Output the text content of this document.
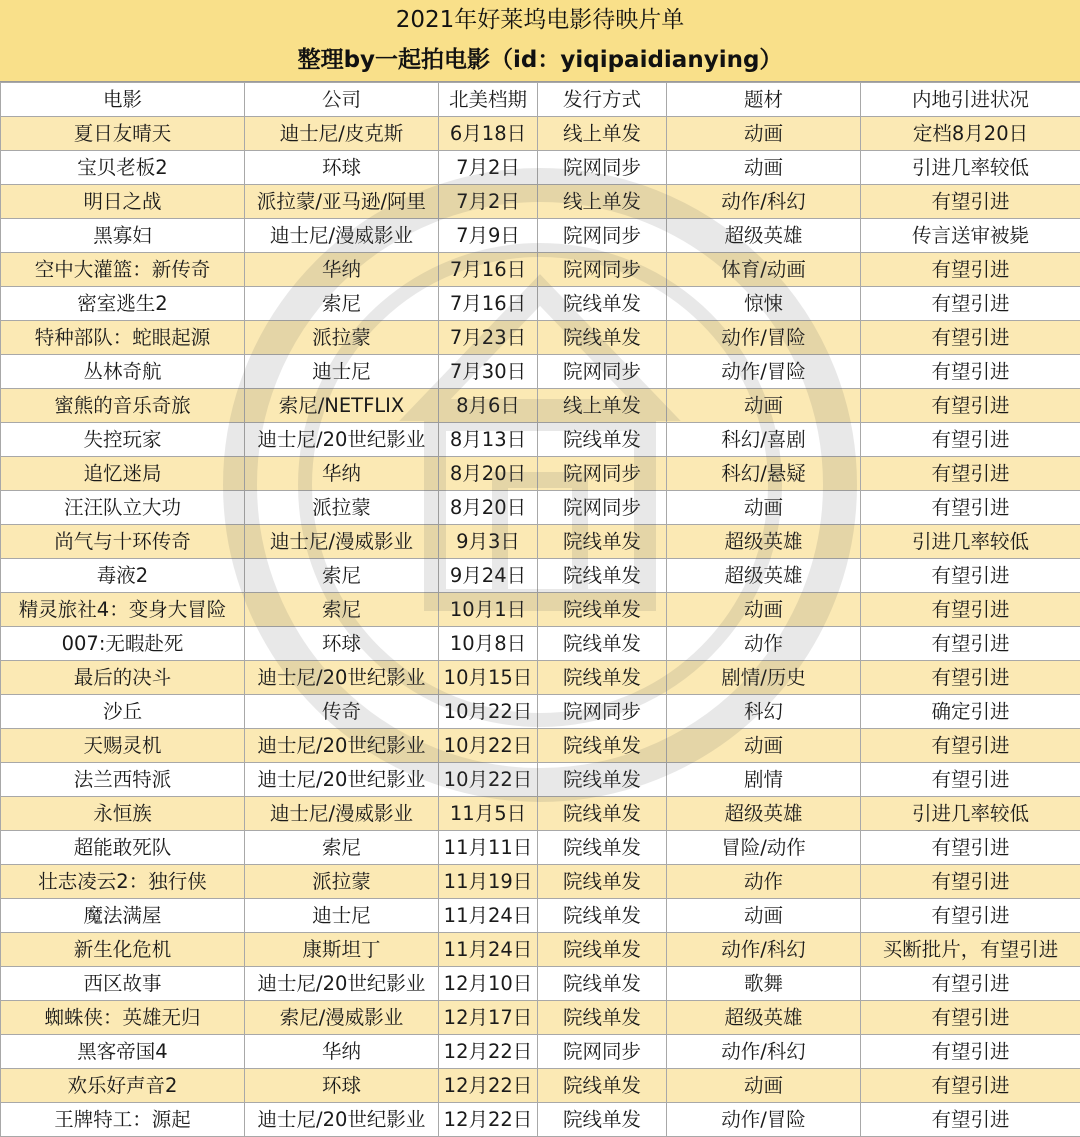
2021年好莱坞电影待映片单
整理by一起拍电影（id：yiqipaidianying）
电影	公司	北美档期	发行方式	题材	内地引进状况
夏日友晴天	迪士尼/皮克斯	6月18日	线上单发	动画	定档8月20日
宝贝老板2	环球	7月2日	院网同步	动画	引进几率较低
明日之战	派拉蒙/亚马逊/阿里	7月2日	线上单发	动作/科幻	有望引进
黑寡妇	迪士尼/漫威影业	7月9日	院网同步	超级英雄	传言送审被毙
空中大灌篮：新传奇	华纳	7月16日	院网同步	体育/动画	有望引进
密室逃生2	索尼	7月16日	院线单发	惊悚	有望引进
特种部队：蛇眼起源	派拉蒙	7月23日	院线单发	动作/冒险	有望引进
丛林奇航	迪士尼	7月30日	院网同步	动作/冒险	有望引进
蜜熊的音乐奇旅	索尼/NETFLIX	8月6日	线上单发	动画	有望引进
失控玩家	迪士尼/20世纪影业	8月13日	院线单发	科幻/喜剧	有望引进
追忆迷局	华纳	8月20日	院网同步	科幻/悬疑	有望引进
汪汪队立大功	派拉蒙	8月20日	院网同步	动画	有望引进
尚气与十环传奇	迪士尼/漫威影业	9月3日	院线单发	超级英雄	引进几率较低
毒液2	索尼	9月24日	院线单发	超级英雄	有望引进
精灵旅社4：变身大冒险	索尼	10月1日	院线单发	动画	有望引进
007:无暇赴死	环球	10月8日	院线单发	动作	有望引进
最后的决斗	迪士尼/20世纪影业	10月15日	院线单发	剧情/历史	有望引进
沙丘	传奇	10月22日	院网同步	科幻	确定引进
天赐灵机	迪士尼/20世纪影业	10月22日	院线单发	动画	有望引进
法兰西特派	迪士尼/20世纪影业	10月22日	院线单发	剧情	有望引进
永恒族	迪士尼/漫威影业	11月5日	院线单发	超级英雄	引进几率较低
超能敢死队	索尼	11月11日	院线单发	冒险/动作	有望引进
壮志凌云2：独行侠	派拉蒙	11月19日	院线单发	动作	有望引进
魔法满屋	迪士尼	11月24日	院线单发	动画	有望引进
新生化危机	康斯坦丁	11月24日	院线单发	动作/科幻	买断批片，有望引进
西区故事	迪士尼/20世纪影业	12月10日	院线单发	歌舞	有望引进
蜘蛛侠：英雄无归	索尼/漫威影业	12月17日	院线单发	超级英雄	有望引进
黑客帝国4	华纳	12月22日	院网同步	动作/科幻	有望引进
欢乐好声音2	环球	12月22日	院线单发	动画	有望引进
王牌特工：源起	迪士尼/20世纪影业	12月22日	院线单发	动作/冒险	有望引进
